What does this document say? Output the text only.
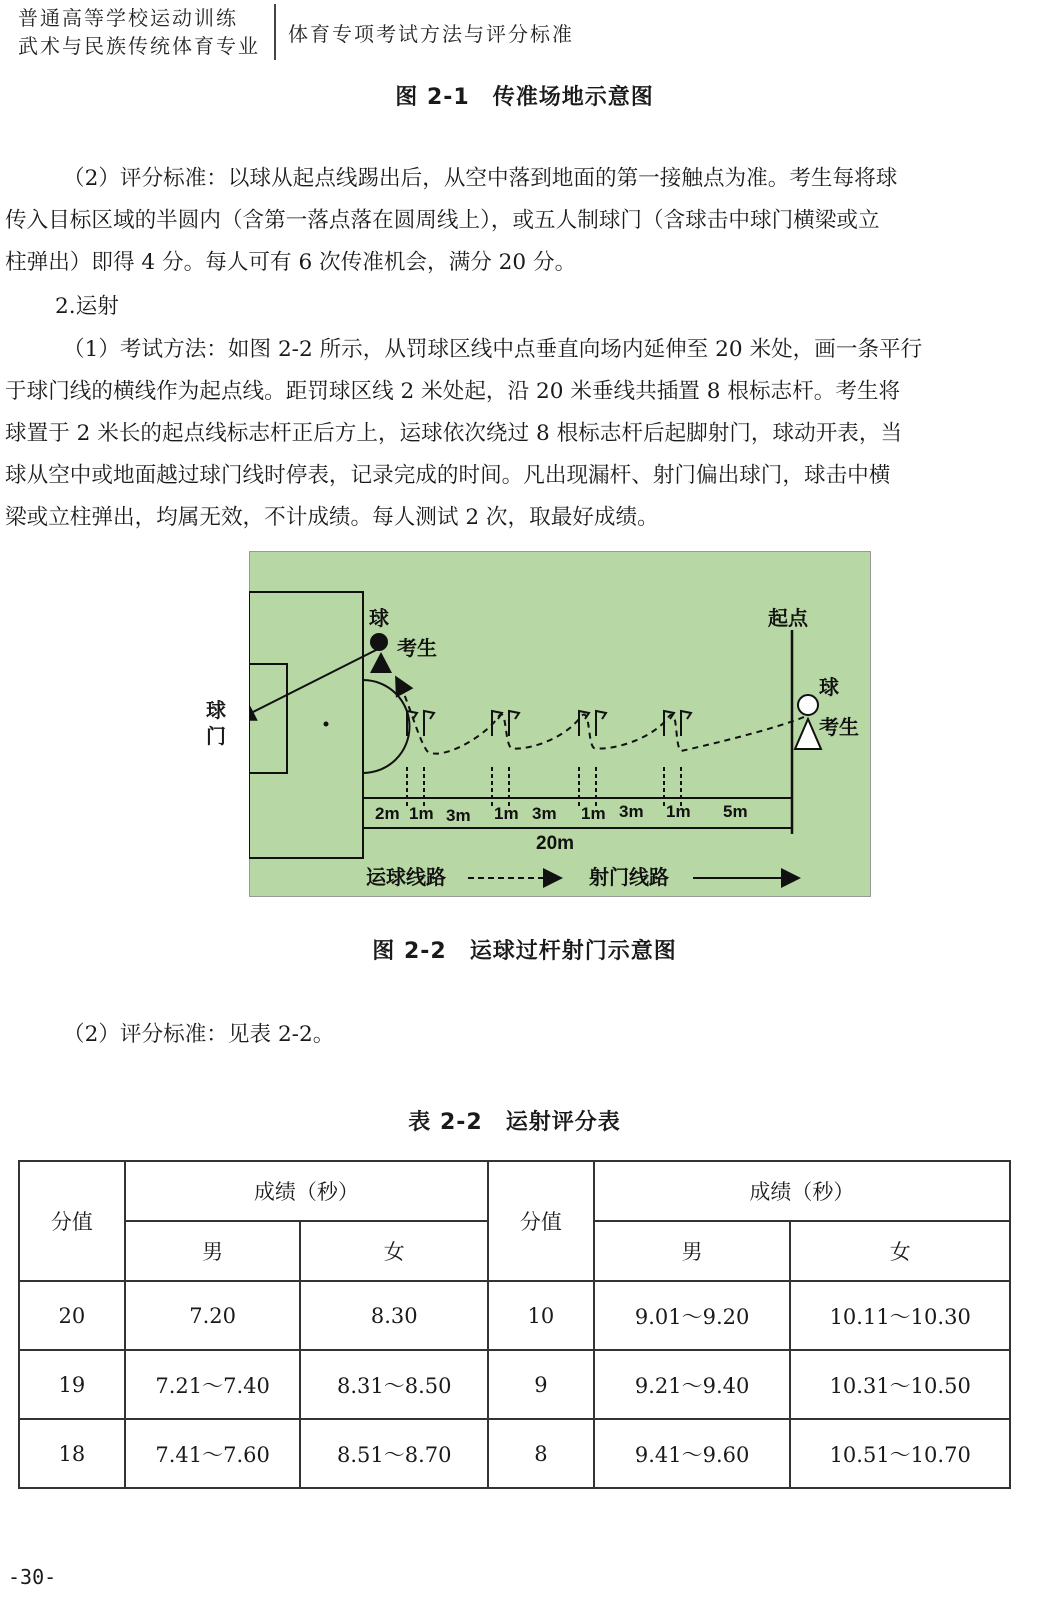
普通高等学校运动训练
武术与民族传统体育专业 体育专项考试方法与评分标准
图 2-1　传准场地示意图
（2）评分标准：以球从起点线踢出后，从空中落到地面的第一接触点为准。考生每将球
传入目标区域的半圆内（含第一落点落在圆周线上），或五人制球门（含球击中球门横梁或立
柱弹出）即得 4 分。每人可有 6 次传准机会，满分 20 分。
2.运射
（1）考试方法：如图 2-2 所示，从罚球区线中点垂直向场内延伸至 20 米处，画一条平行
于球门线的横线作为起点线。距罚球区线 2 米处起，沿 20 米垂线共插置 8 根标志杆。考生将
球置于 2 米长的起点线标志杆正后方上，运球依次绕过 8 根标志杆后起脚射门，球动开表，当
球从空中或地面越过球门线时停表，记录完成的时间。凡出现漏杆、射门偏出球门，球击中横
梁或立柱弹出，均属无效，不计成绩。每人测试 2 次，取最好成绩。
球
考生
起点
球
考生
2m 1m 3m 1m 3m 1m 3m 1m 5m
20m
运球线路	射门线路
球门
图 2-2　运球过杆射门示意图
（2）评分标准：见表 2-2。
表 2-2　运射评分表
分值	成绩（秒）		分值	成绩（秒）	
	男	女		男	女
20	7.20	8.30	10	9.01～9.20	10.11～10.30
19	7.21～7.40	8.31～8.50	9	9.21～9.40	10.31～10.50
18	7.41～7.60	8.51～8.70	8	9.41～9.60	10.51～10.70
-30-
